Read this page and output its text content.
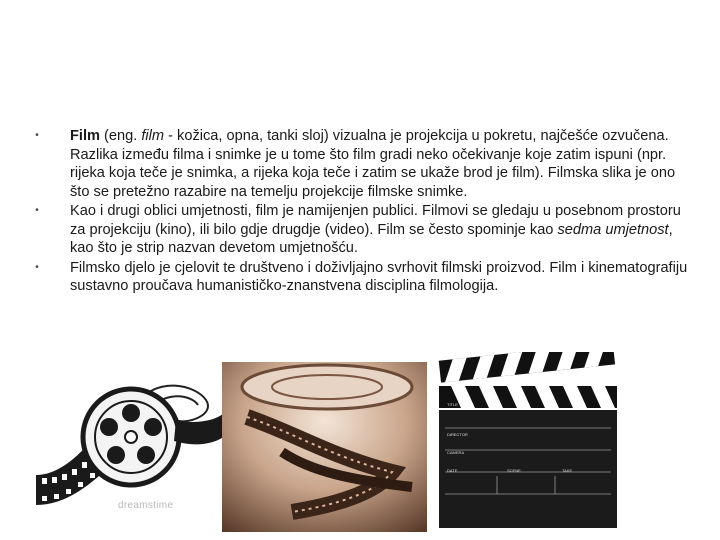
•	Film (eng. film - kožica, opna, tanki sloj) vizualna je projekcija u pokretu, najčešće ozvučena. Razlika između filma i snimke je u tome što film gradi neko očekivanje koje zatim ispuni (npr. rijeka koja teče je snimka, a rijeka koja teče i zatim se ukaže brod je film). Filmska slika je ono što se pretežno razabire na temelju projekcije filmske snimke.
•	Kao i drugi oblici umjetnosti, film je namijenjen publici. Filmovi se gledaju u posebnom prostoru za projekciju (kino), ili bilo gdje drugdje (video). Film se često spominje kao sedma umjetnost, kao što je strip nazvan devetom umjetnošću.
•	Filmsko djelo je cjelovit te društveno i doživljajno svrhovit filmski proizvod. Film i kinematografiju sustavno proučava humanističko-znanstvena disciplina filmologija.
dreamstime
TITLE
DIRECTOR
CAMERA
DATE	SCENE	TAKE
